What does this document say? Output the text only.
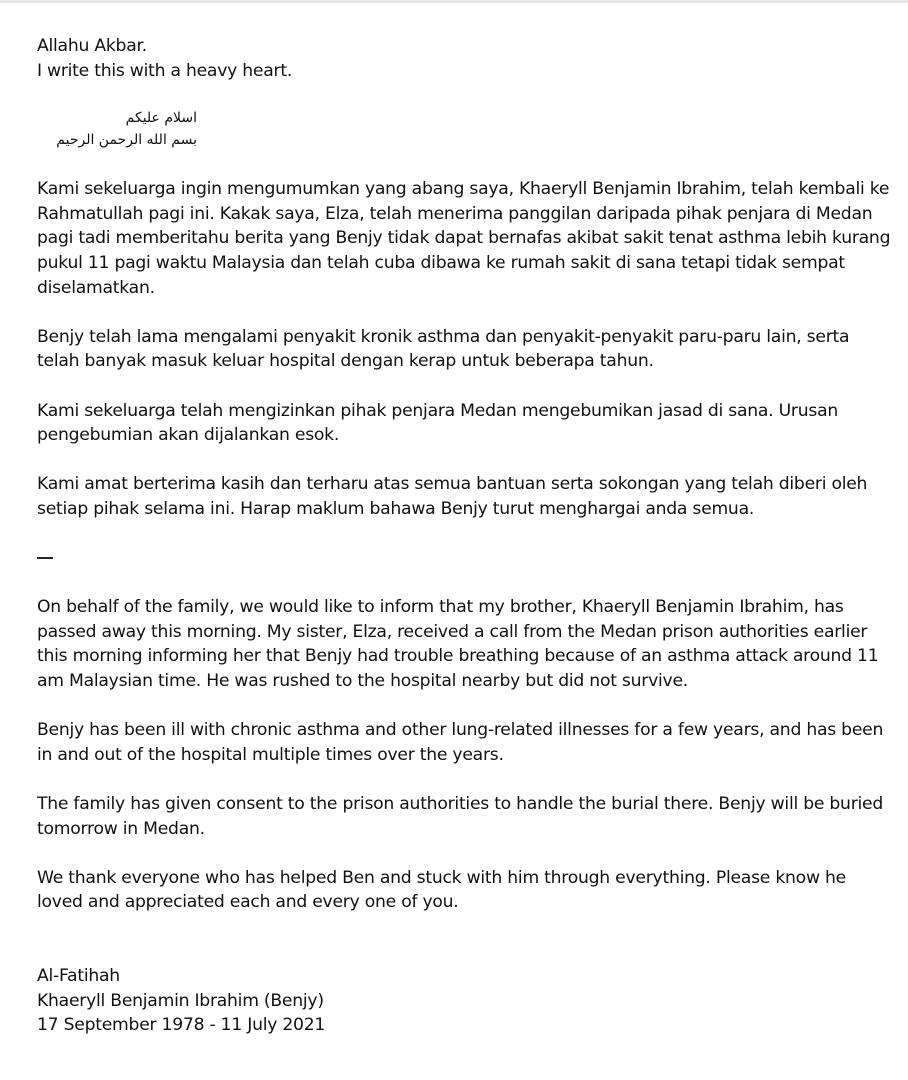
Allahu Akbar.
I write this with a heavy heart.

اسلام عليكم
بسم الله الرحمن الرحيم

Kami sekeluarga ingin mengumumkan yang abang saya, Khaeryll Benjamin Ibrahim, telah kembali ke
Rahmatullah pagi ini. Kakak saya, Elza, telah menerima panggilan daripada pihak penjara di Medan
pagi tadi memberitahu berita yang Benjy tidak dapat bernafas akibat sakit tenat asthma lebih kurang
pukul 11 pagi waktu Malaysia dan telah cuba dibawa ke rumah sakit di sana tetapi tidak sempat
diselamatkan.

Benjy telah lama mengalami penyakit kronik asthma dan penyakit-penyakit paru-paru lain, serta
telah banyak masuk keluar hospital dengan kerap untuk beberapa tahun.

Kami sekeluarga telah mengizinkan pihak penjara Medan mengebumikan jasad di sana. Urusan
pengebumian akan dijalankan esok.

Kami amat berterima kasih dan terharu atas semua bantuan serta sokongan yang telah diberi oleh
setiap pihak selama ini. Harap maklum bahawa Benjy turut menghargai anda semua.

On behalf of the family, we would like to inform that my brother, Khaeryll Benjamin Ibrahim, has
passed away this morning. My sister, Elza, received a call from the Medan prison authorities earlier
this morning informing her that Benjy had trouble breathing because of an asthma attack around 11
am Malaysian time. He was rushed to the hospital nearby but did not survive.

Benjy has been ill with chronic asthma and other lung-related illnesses for a few years, and has been
in and out of the hospital multiple times over the years.

The family has given consent to the prison authorities to handle the burial there. Benjy will be buried
tomorrow in Medan.

We thank everyone who has helped Ben and stuck with him through everything. Please know he
loved and appreciated each and every one of you.

Al-Fatihah
Khaeryll Benjamin Ibrahim (Benjy)
17 September 1978 - 11 July 2021
